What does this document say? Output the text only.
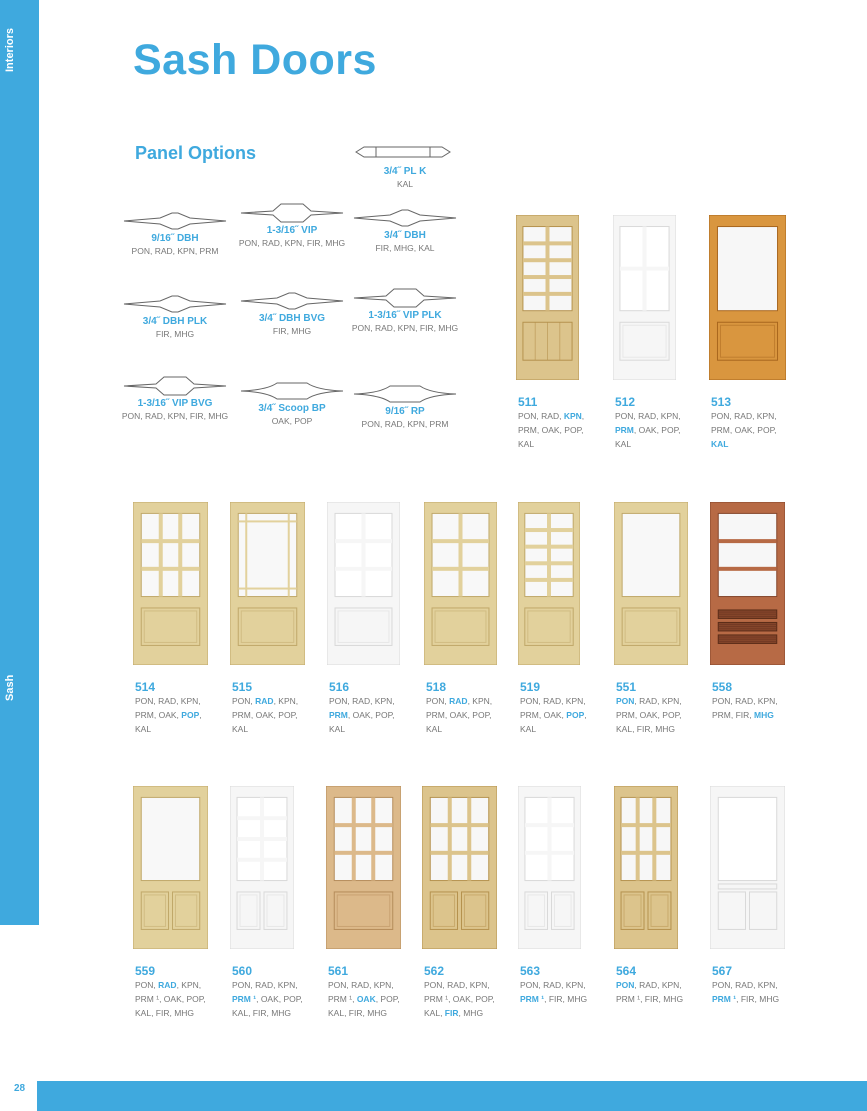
Interiors
Sash
Sash Doors
Panel Options
3/4˝ PL K
KAL
9/16˝ DBH
PON, RAD, KPN, PRM
1-3/16˝ VIP
PON, RAD, KPN, FIR, MHG
3/4˝ DBH
FIR, MHG, KAL
3/4˝ DBH PLK
FIR, MHG
3/4˝ DBH BVG
FIR, MHG
1-3/16˝ VIP PLK
PON, RAD, KPN, FIR, MHG
1-3/16˝ VIP BVG
PON, RAD, KPN, FIR, MHG
3/4˝ Scoop BP
OAK, POP
9/16˝ RP
PON, RAD, KPN, PRM
511
PON, RAD, KPN,
PRM, OAK, POP,
KAL
512
PON, RAD, KPN,
PRM, OAK, POP,
KAL
513
PON, RAD, KPN,
PRM, OAK, POP,
KAL
514
PON, RAD, KPN,
PRM, OAK, POP,
KAL
515
PON, RAD, KPN,
PRM, OAK, POP,
KAL
516
PON, RAD, KPN,
PRM, OAK, POP,
KAL
518
PON, RAD, KPN,
PRM, OAK, POP,
KAL
519
PON, RAD, KPN,
PRM, OAK, POP,
KAL
551
PON, RAD, KPN,
PRM, OAK, POP,
KAL, FIR, MHG
558
PON, RAD, KPN,
PRM, FIR, MHG
559
PON, RAD, KPN,
PRM ¹, OAK, POP,
KAL, FIR, MHG
560
PON, RAD, KPN,
PRM ¹, OAK, POP,
KAL, FIR, MHG
561
PON, RAD, KPN,
PRM ¹, OAK, POP,
KAL, FIR, MHG
562
PON, RAD, KPN,
PRM ¹, OAK, POP,
KAL, FIR, MHG
563
PON, RAD, KPN,
PRM ¹, FIR, MHG
564
PON, RAD, KPN,
PRM ¹, FIR, MHG
567
PON, RAD, KPN,
PRM ¹, FIR, MHG
28
